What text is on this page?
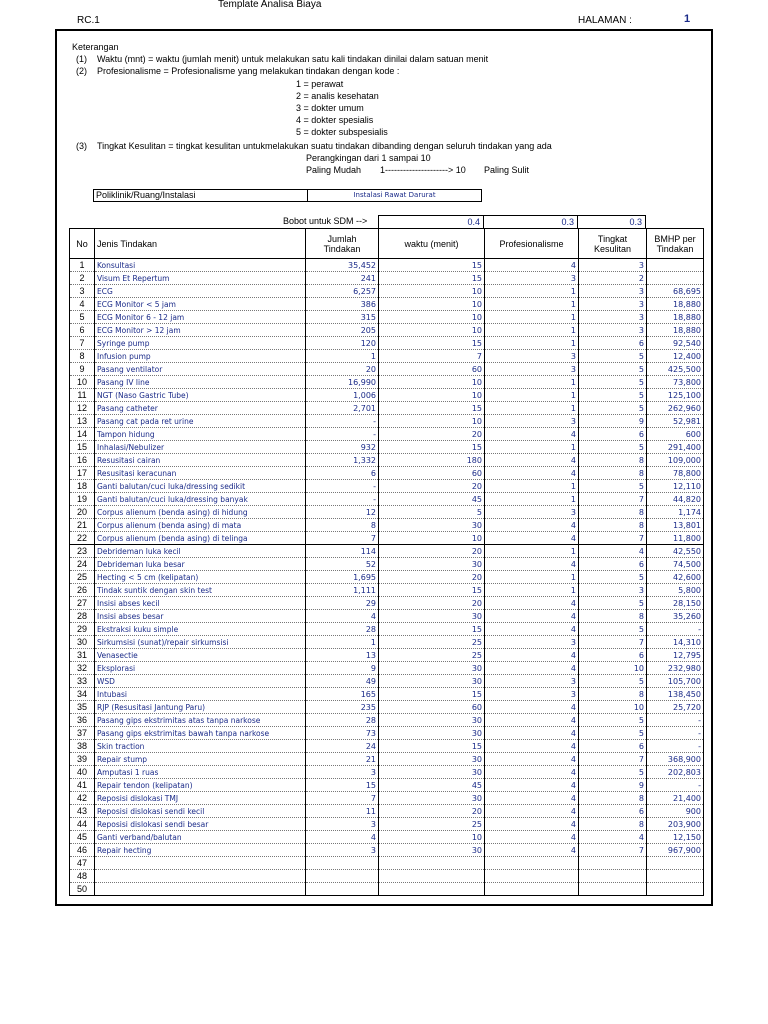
Template Analisa Biaya
RC.1	HALAMAN :	1
Keterangan
(1) Waktu (mnt) = waktu (jumlah menit) untuk melakukan satu kali tindakan dinilai dalam satuan menit
(2) Profesionalisme = Profesionalisme yang melakukan tindakan dengan kode :
1 = perawat
2 = analis kesehatan
3 = dokter umum
4 = dokter spesialis
5 = dokter subspesialis
(3) Tingkat Kesulitan = tingkat kesulitan untukmelakukan suatu tindakan dibanding dengan seluruh tindakan yang ada
Perangkingan dari 1 sampai 10
Paling Mudah 1---------------------> 10 Paling Sulit
Poliklinik/Ruang/Instalasi	Instalasi Rawat Darurat
Bobot untuk SDM -->	0.4	0.3	0.3
No	Jenis Tindakan	Jumlah Tindakan	waktu (menit)	Profesionalisme	Tingkat Kesulitan	BMHP per Tindakan
1	Konsultasi	35,452	15	4	3	
2	Visum Et Repertum	241	15	3	2	
3	ECG	6,257	10	1	3	68,695
4	ECG Monitor < 5 jam	386	10	1	3	18,880
5	ECG Monitor 6 - 12 jam	315	10	1	3	18,880
6	ECG Monitor > 12 jam	205	10	1	3	18,880
7	Syringe pump	120	15	1	6	92,540
8	Infusion pump	1	7	3	5	12,400
9	Pasang ventilator	20	60	3	5	425,500
10	Pasang IV line	16,990	10	1	5	73,800
11	NGT (Naso Gastric Tube)	1,006	10	1	5	125,100
12	Pasang catheter	2,701	15	1	5	262,960
13	Pasang cat pada ret urine	-	10	3	9	52,981
14	Tampon hidung	-	20	4	6	600
15	Inhalasi/Nebulizer	932	15	1	5	291,400
16	Resusitasi cairan	1,332	180	4	8	109,000
17	Resusitasi keracunan	6	60	4	8	78,800
18	Ganti balutan/cuci luka/dressing sedikit	-	20	1	5	12,110
19	Ganti balutan/cuci luka/dressing banyak	-	45	1	7	44,820
20	Corpus alienum (benda asing) di hidung	12	5	3	8	1,174
21	Corpus alienum (benda asing) di mata	8	30	4	8	13,801
22	Corpus alienum (benda asing) di telinga	7	10	4	7	11,800
23	Debrideman luka kecil	114	20	1	4	42,550
24	Debrideman luka besar	52	30	4	6	74,500
25	Hecting < 5 cm (kelipatan)	1,695	20	1	5	42,600
26	Tindak suntik dengan skin test	1,111	15	1	3	5,800
27	Insisi abses kecil	29	20	4	5	28,150
28	Insisi abses besar	4	30	4	8	35,260
29	Ekstraksi kuku simple	28	15	4	5	-
30	Sirkumsisi (sunat)/repair sirkumsisi	1	25	3	7	14,310
31	Venasectie	13	25	4	6	12,795
32	Eksplorasi	9	30	4	10	232,980
33	WSD	49	30	3	5	105,700
34	Intubasi	165	15	3	8	138,450
35	RJP (Resusitasi Jantung Paru)	235	60	4	10	25,720
36	Pasang gips ekstrimitas atas tanpa narkose	28	30	4	5	-
37	Pasang gips ekstrimitas bawah tanpa narkose	73	30	4	5	-
38	Skin traction	24	15	4	6	-
39	Repair stump	21	30	4	7	368,900
40	Amputasi 1 ruas	3	30	4	5	202,803
41	Repair tendon (kelipatan)	15	45	4	9	-
42	Reposisi dislokasi TMJ	7	30	4	8	21,400
43	Reposisi dislokasi sendi kecil	11	20	4	6	900
44	Reposisi dislokasi sendi besar	3	25	4	8	203,900
45	Ganti verband/balutan	4	10	4	4	12,150
46	Repair hecting	3	30	4	7	967,900
47						
48						
50						
